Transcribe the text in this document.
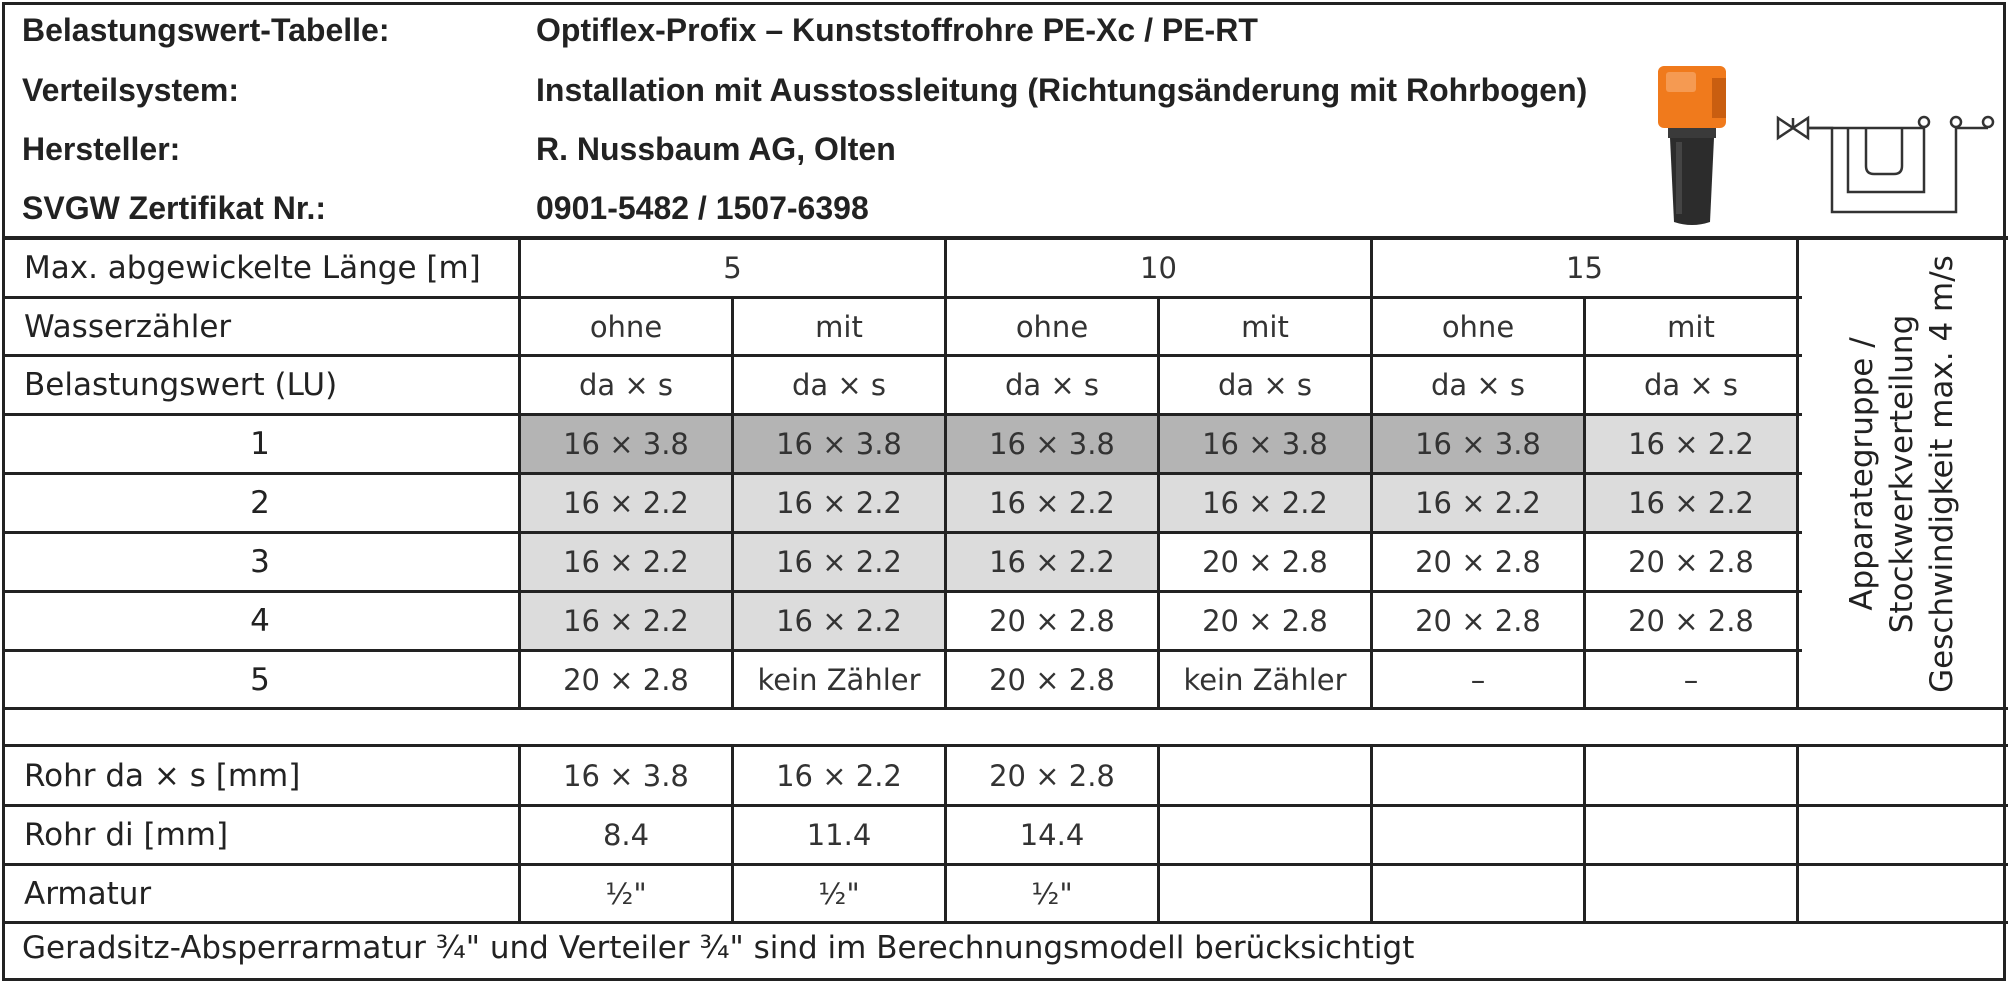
Belastungswert-Tabelle:	Optiflex-Profix – Kunststoffrohre PE-Xc / PE-RT
Verteilsystem:	Installation mit Ausstossleitung (Richtungsänderung mit Rohrbogen)
Hersteller:	R. Nussbaum AG, Olten
SVGW Zertifikat Nr.:	0901-5482 / 1507-6398
Max. abgewickelte Länge [m]	5	10	15
Wasserzähler	ohne	mit	ohne	mit	ohne	mit
Belastungswert (LU)	da × s	da × s	da × s	da × s	da × s	da × s
1	16 × 3.8	16 × 3.8	16 × 3.8	16 × 3.8	16 × 3.8	16 × 2.2
2	16 × 2.2	16 × 2.2	16 × 2.2	16 × 2.2	16 × 2.2	16 × 2.2
3	16 × 2.2	16 × 2.2	16 × 2.2	20 × 2.8	20 × 2.8	20 × 2.8
4	16 × 2.2	16 × 2.2	20 × 2.8	20 × 2.8	20 × 2.8	20 × 2.8
5	20 × 2.8	kein Zähler	20 × 2.8	kein Zähler	–	–
Apparategruppe / Stockwerkverteilung Geschwindigkeit max. 4 m/s
Rohr da × s [mm]	16 × 3.8	16 × 2.2	20 × 2.8
Rohr di [mm]	8.4	11.4	14.4
Armatur	½"	½"	½"
Geradsitz-Absperrarmatur ¾" und Verteiler ¾" sind im Berechnungsmodell berücksichtigt
